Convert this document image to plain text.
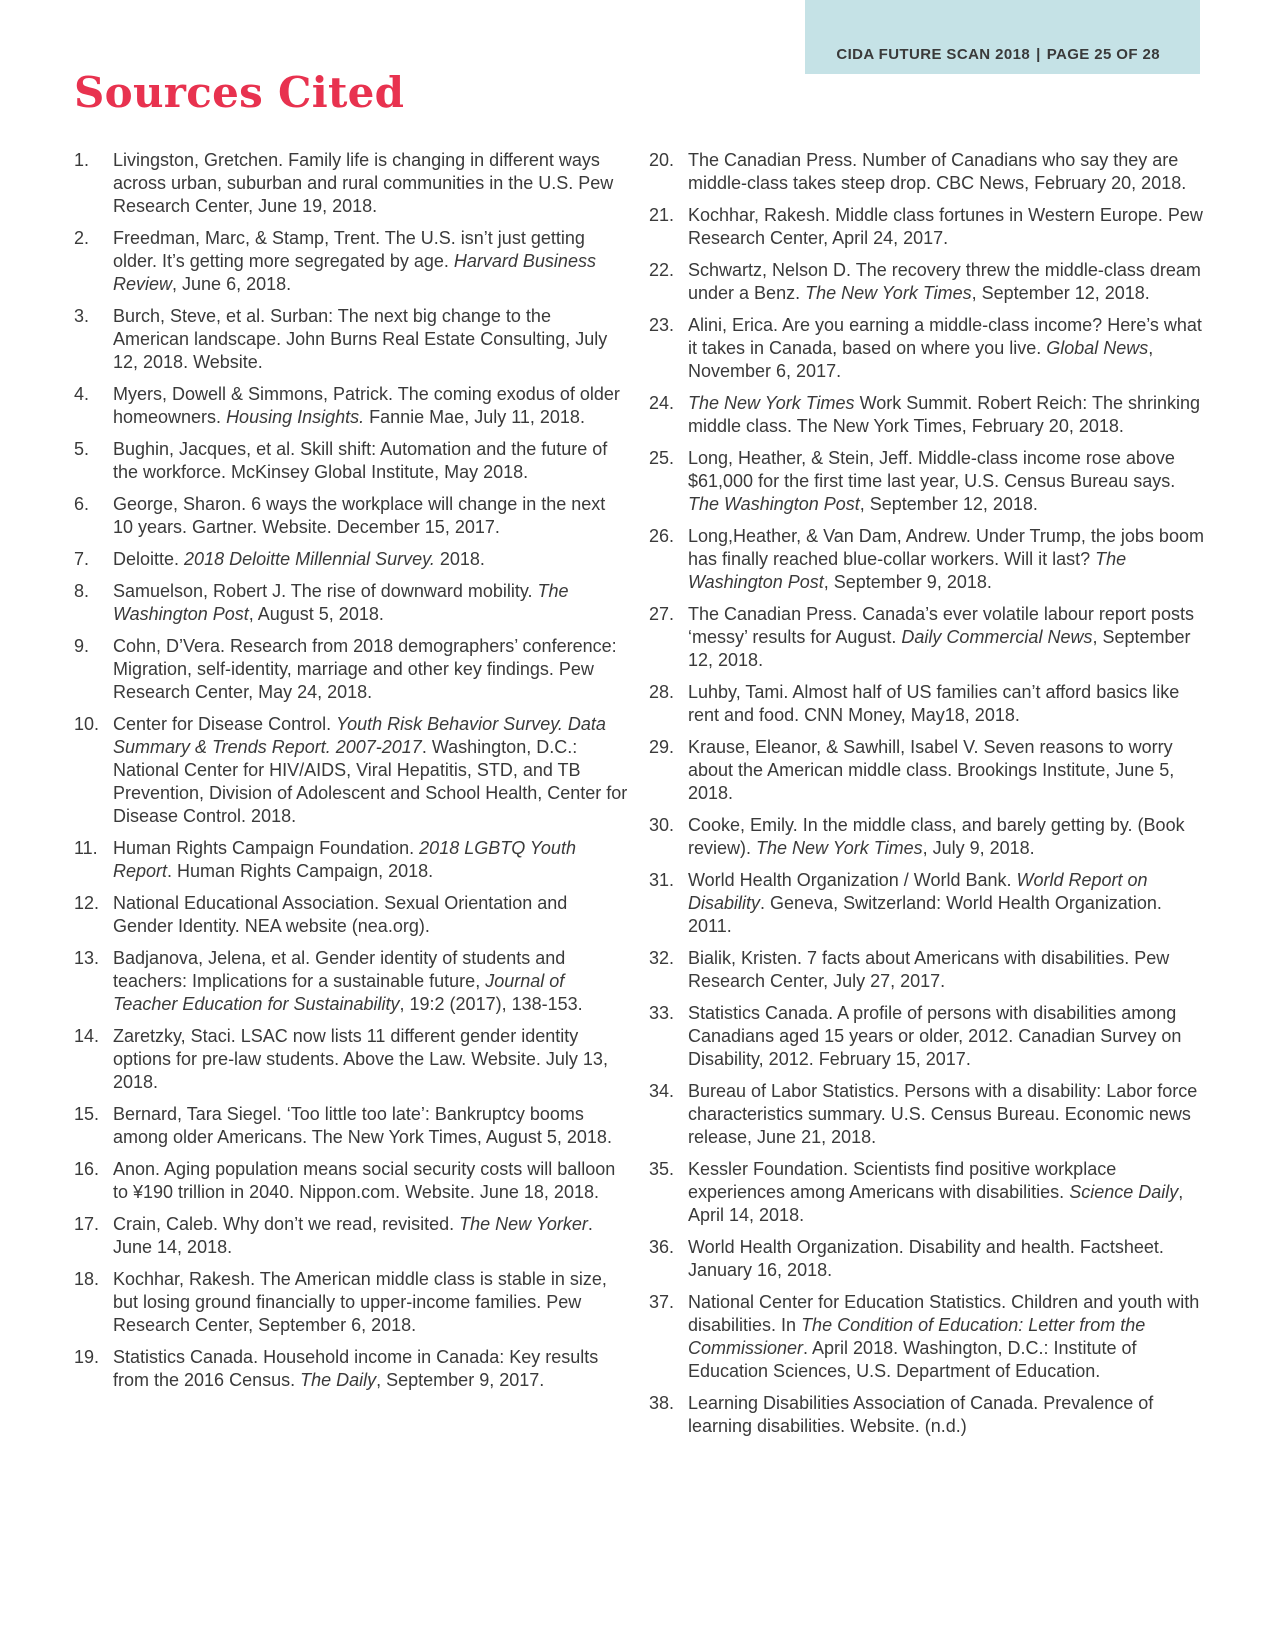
CIDA FUTURE SCAN 2018 | PAGE 25 OF 28
Sources Cited
1. Livingston, Gretchen. Family life is changing in different ways across urban, suburban and rural communities in the U.S. Pew Research Center, June 19, 2018.
2. Freedman, Marc, & Stamp, Trent. The U.S. isn’t just getting older. It’s getting more segregated by age. Harvard Business Review, June 6, 2018.
3. Burch, Steve, et al. Surban: The next big change to the American landscape. John Burns Real Estate Consulting, July 12, 2018. Website.
4. Myers, Dowell & Simmons, Patrick. The coming exodus of older homeowners. Housing Insights. Fannie Mae, July 11, 2018.
5. Bughin, Jacques, et al. Skill shift: Automation and the future of the workforce. McKinsey Global Institute, May 2018.
6. George, Sharon. 6 ways the workplace will change in the next 10 years. Gartner. Website. December 15, 2017.
7. Deloitte. 2018 Deloitte Millennial Survey. 2018.
8. Samuelson, Robert J. The rise of downward mobility. The Washington Post, August 5, 2018.
9. Cohn, D’Vera. Research from 2018 demographers’ conference: Migration, self-identity, marriage and other key findings. Pew Research Center, May 24, 2018.
10. Center for Disease Control. Youth Risk Behavior Survey. Data Summary & Trends Report. 2007-2017. Washington, D.C.: National Center for HIV/AIDS, Viral Hepatitis, STD, and TB Prevention, Division of Adolescent and School Health, Center for Disease Control. 2018.
11. Human Rights Campaign Foundation. 2018 LGBTQ Youth Report. Human Rights Campaign, 2018.
12. National Educational Association. Sexual Orientation and Gender Identity. NEA website (nea.org).
13. Badjanova, Jelena, et al. Gender identity of students and teachers: Implications for a sustainable future, Journal of Teacher Education for Sustainability, 19:2 (2017), 138-153.
14. Zaretzky, Staci. LSAC now lists 11 different gender identity options for pre-law students. Above the Law. Website. July 13, 2018.
15. Bernard, Tara Siegel. ‘Too little too late’: Bankruptcy booms among older Americans. The New York Times, August 5, 2018.
16. Anon. Aging population means social security costs will balloon to ¥190 trillion in 2040. Nippon.com. Website. June 18, 2018.
17. Crain, Caleb. Why don’t we read, revisited. The New Yorker. June 14, 2018.
18. Kochhar, Rakesh. The American middle class is stable in size, but losing ground financially to upper-income families. Pew Research Center, September 6, 2018.
19. Statistics Canada. Household income in Canada: Key results from the 2016 Census. The Daily, September 9, 2017.
20. The Canadian Press. Number of Canadians who say they are middle-class takes steep drop. CBC News, February 20, 2018.
21. Kochhar, Rakesh. Middle class fortunes in Western Europe. Pew Research Center, April 24, 2017.
22. Schwartz, Nelson D. The recovery threw the middle-class dream under a Benz. The New York Times, September 12, 2018.
23. Alini, Erica. Are you earning a middle-class income? Here’s what it takes in Canada, based on where you live. Global News, November 6, 2017.
24. The New York Times Work Summit. Robert Reich: The shrinking middle class. The New York Times, February 20, 2018.
25. Long, Heather, & Stein, Jeff. Middle-class income rose above $61,000 for the first time last year, U.S. Census Bureau says. The Washington Post, September 12, 2018.
26. Long,Heather, & Van Dam, Andrew. Under Trump, the jobs boom has finally reached blue-collar workers. Will it last? The Washington Post, September 9, 2018.
27. The Canadian Press. Canada’s ever volatile labour report posts ‘messy’ results for August. Daily Commercial News, September 12, 2018.
28. Luhby, Tami. Almost half of US families can’t afford basics like rent and food. CNN Money, May18, 2018.
29. Krause, Eleanor, & Sawhill, Isabel V. Seven reasons to worry about the American middle class. Brookings Institute, June 5, 2018.
30. Cooke, Emily. In the middle class, and barely getting by. (Book review). The New York Times, July 9, 2018.
31. World Health Organization / World Bank. World Report on Disability. Geneva, Switzerland: World Health Organization. 2011.
32. Bialik, Kristen. 7 facts about Americans with disabilities. Pew Research Center, July 27, 2017.
33. Statistics Canada. A profile of persons with disabilities among Canadians aged 15 years or older, 2012. Canadian Survey on Disability, 2012. February 15, 2017.
34. Bureau of Labor Statistics. Persons with a disability: Labor force characteristics summary. U.S. Census Bureau. Economic news release, June 21, 2018.
35. Kessler Foundation. Scientists find positive workplace experiences among Americans with disabilities. Science Daily, April 14, 2018.
36. World Health Organization. Disability and health. Factsheet. January 16, 2018.
37. National Center for Education Statistics. Children and youth with disabilities. In The Condition of Education: Letter from the Commissioner. April 2018. Washington, D.C.: Institute of Education Sciences, U.S. Department of Education.
38. Learning Disabilities Association of Canada. Prevalence of learning disabilities. Website. (n.d.)
